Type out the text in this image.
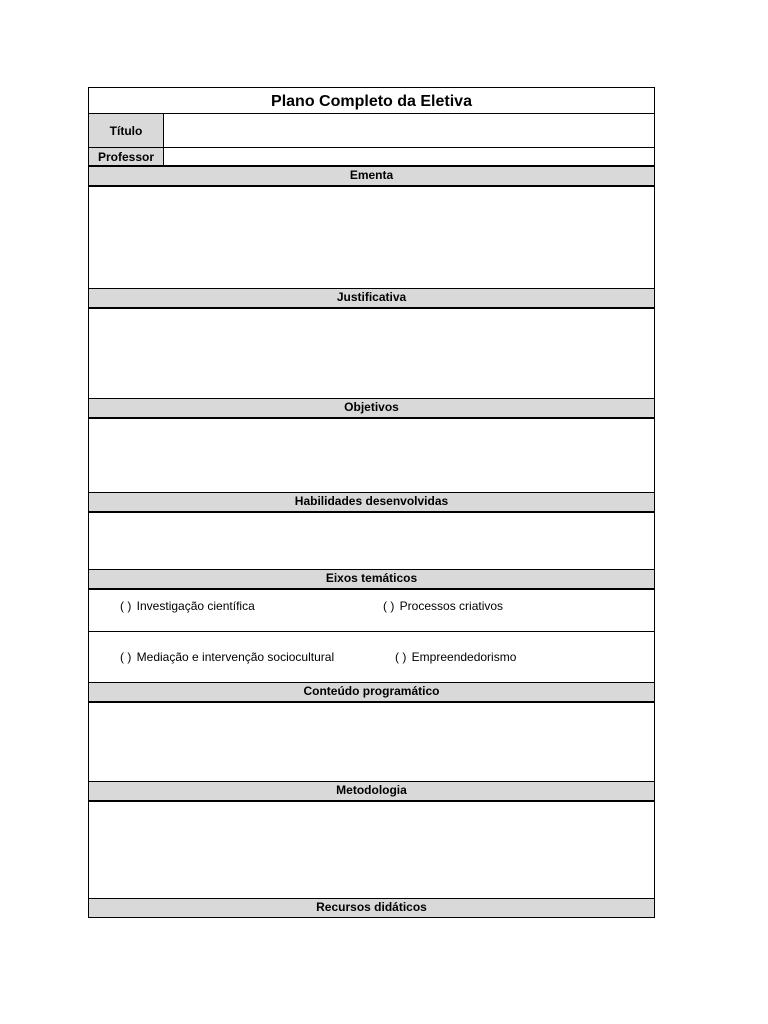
Plano Completo da Eletiva
Título
Professor
Ementa
Justificativa
Objetivos
Habilidades desenvolvidas
Eixos temáticos
( ) Investigação científica	( ) Processos criativos
( ) Mediação e intervenção sociocultural	( ) Empreendedorismo
Conteúdo programático
Metodologia
Recursos didáticos
